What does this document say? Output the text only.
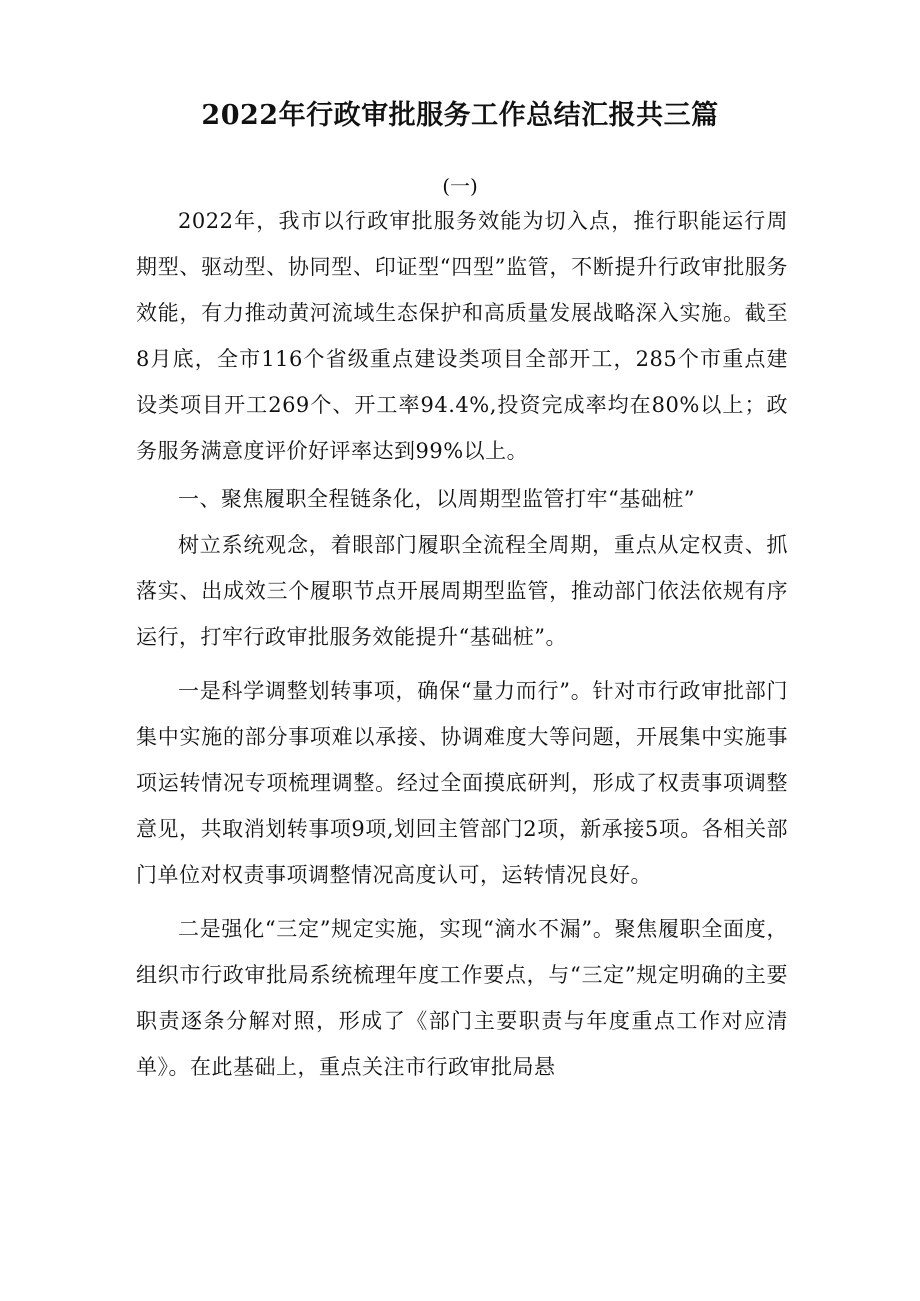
2022年行政审批服务工作总结汇报共三篇
(一)

2022年，我市以行政审批服务效能为切入点，推行职能运行周期型、驱动型、协同型、印证型“四型”监管，不断提升行政审批服务效能，有力推动黄河流域生态保护和高质量发展战略深入实施。截至8月底，全市116个省级重点建设类项目全部开工，285个市重点建设类项目开工269个、开工率94.4%,投资完成率均在80%以上；政务服务满意度评价好评率达到99%以上。

一、聚焦履职全程链条化，以周期型监管打牢“基础桩”

树立系统观念，着眼部门履职全流程全周期，重点从定权责、抓落实、出成效三个履职节点开展周期型监管，推动部门依法依规有序运行，打牢行政审批服务效能提升“基础桩”。

一是科学调整划转事项，确保“量力而行”。针对市行政审批部门集中实施的部分事项难以承接、协调难度大等问题，开展集中实施事项运转情况专项梳理调整。经过全面摸底研判，形成了权责事项调整意见，共取消划转事项9项,划回主管部门2项，新承接5项。各相关部门单位对权责事项调整情况高度认可，运转情况良好。

二是强化“三定”规定实施，实现“滴水不漏”。聚焦履职全面度，组织市行政审批局系统梳理年度工作要点，与“三定”规定明确的主要职责逐条分解对照，形成了《部门主要职责与年度重点工作对应清单》。在此基础上，重点关注市行政审批局悬
